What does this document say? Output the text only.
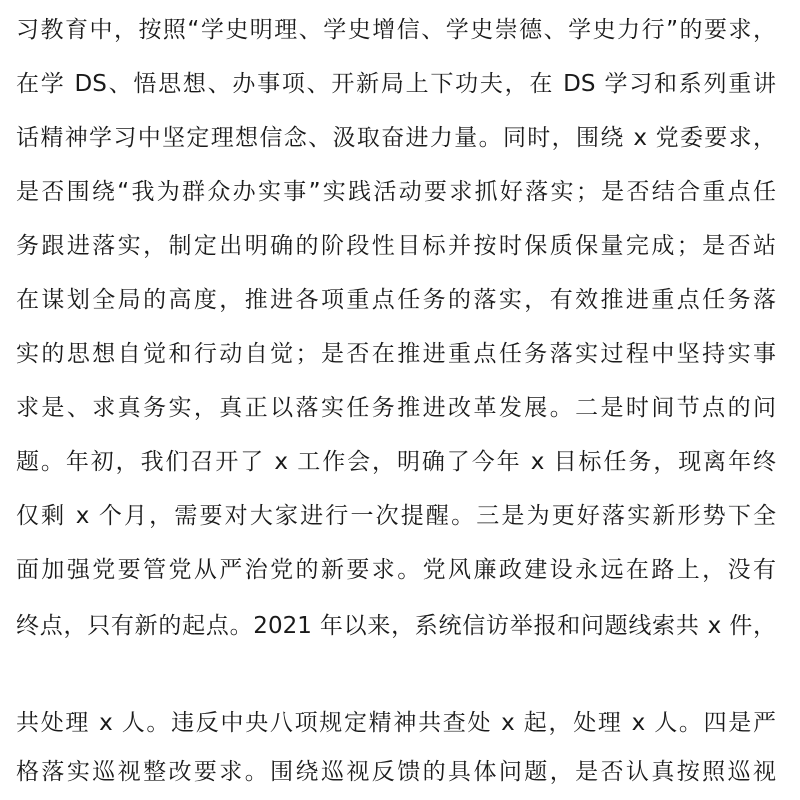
习教育中，按照“学史明理、学史增信、学史崇德、学史力行”的要求，
在学 DS、悟思想、办事项、开新局上下功夫，在 DS 学习和系列重讲
话精神学习中坚定理想信念、汲取奋进力量。同时，围绕 x 党委要求，
是否围绕“我为群众办实事”实践活动要求抓好落实；是否结合重点任
务跟进落实，制定出明确的阶段性目标并按时保质保量完成；是否站
在谋划全局的高度，推进各项重点任务的落实，有效推进重点任务落
实的思想自觉和行动自觉；是否在推进重点任务落实过程中坚持实事
求是、求真务实，真正以落实任务推进改革发展。二是时间节点的问
题。年初，我们召开了 x 工作会，明确了今年 x 目标任务，现离年终
仅剩 x 个月，需要对大家进行一次提醒。三是为更好落实新形势下全
面加强党要管党从严治党的新要求。党风廉政建设永远在路上，没有
终点，只有新的起点。2021 年以来，系统信访举报和问题线索共 x 件，
共处理 x 人。违反中央八项规定精神共查处 x 起，处理 x 人。四是严
格落实巡视整改要求。围绕巡视反馈的具体问题，是否认真按照巡视
